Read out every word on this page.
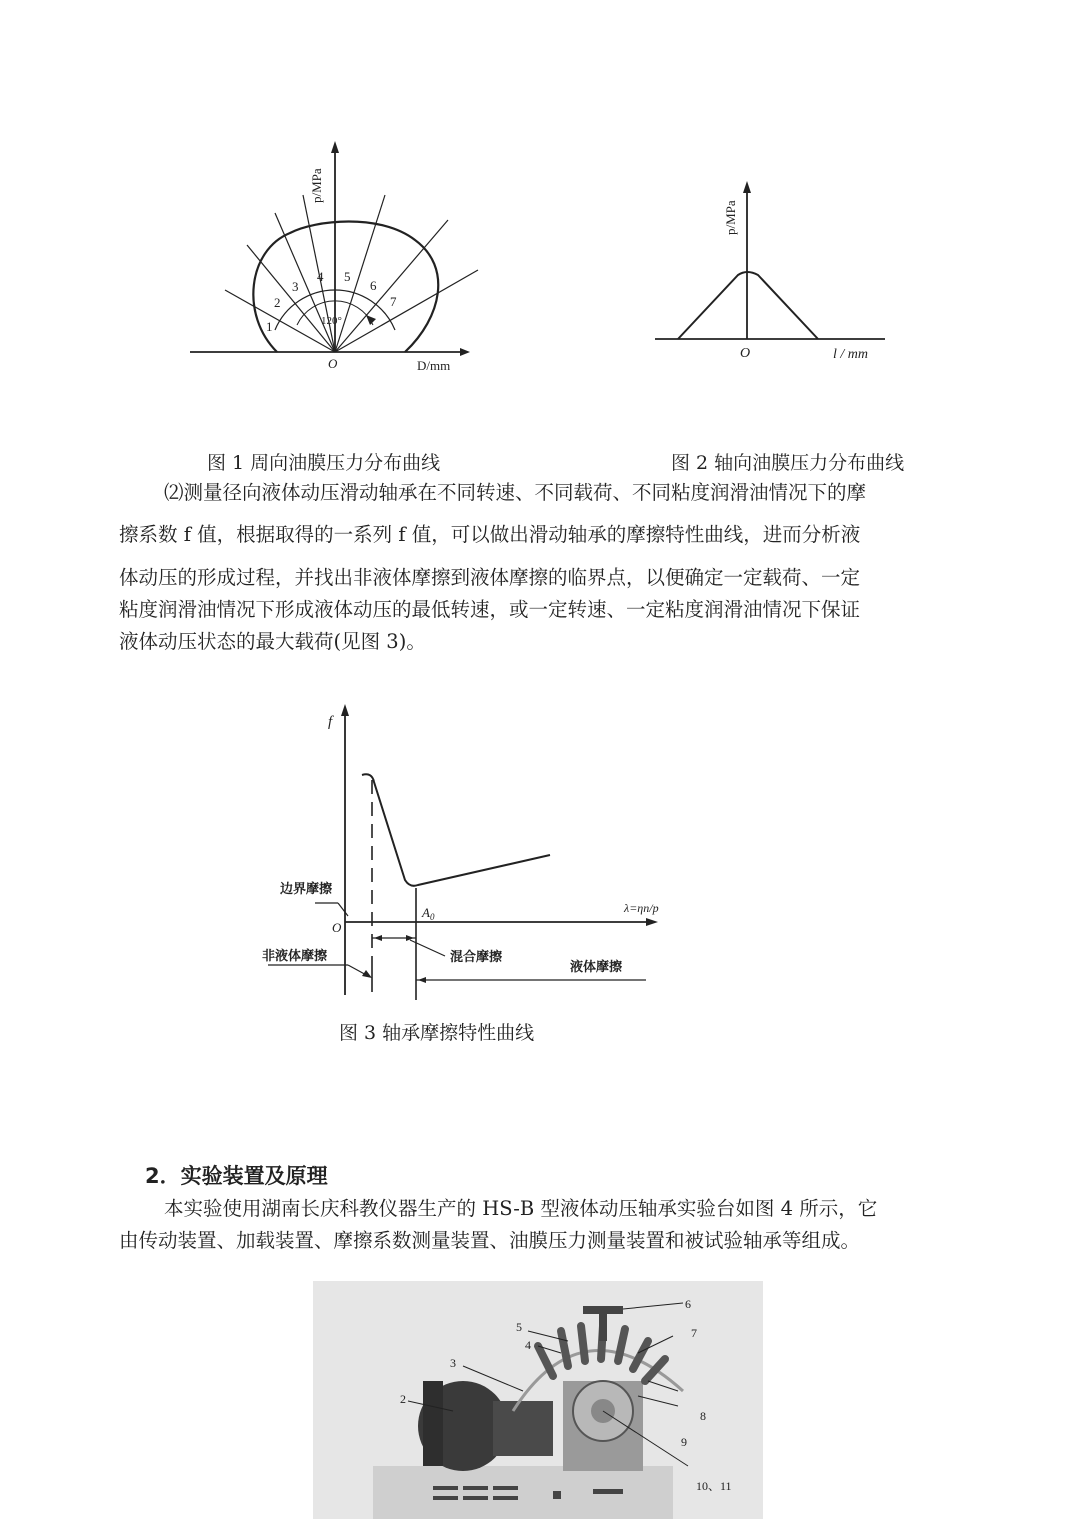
1
2
3
4 5
6
7
120°
O	D/mm
p/MPa
O	l / mm
p/MPa
图 1 周向油膜压力分布曲线	图 2 轴向油膜压力分布曲线
⑵测量径向液体动压滑动轴承在不同转速、不同载荷、不同粘度润滑油情况下的摩
擦系数 f 值，根据取得的一系列 f 值，可以做出滑动轴承的摩擦特性曲线，进而分析液
体动压的形成过程，并找出非液体摩擦到液体摩擦的临界点，以便确定一定载荷、一定
粘度润滑油情况下形成液体动压的最低转速，或一定转速、一定粘度润滑油情况下保证
液体动压状态的最大载荷(见图 3)。
f
O
$A_0$
λ=ηn/p
边界摩擦
非液体摩擦	混合摩擦
液体摩擦
图 3 轴承摩擦特性曲线
2．实验装置及原理
本实验使用湖南长庆科教仪器生产的 HS-B 型液体动压轴承实验台如图 4 所示，它
由传动装置、加载装置、摩擦系数测量装置、油膜压力测量装置和被试验轴承等组成。
2
3
4
5
6
7
8
9
10、11
